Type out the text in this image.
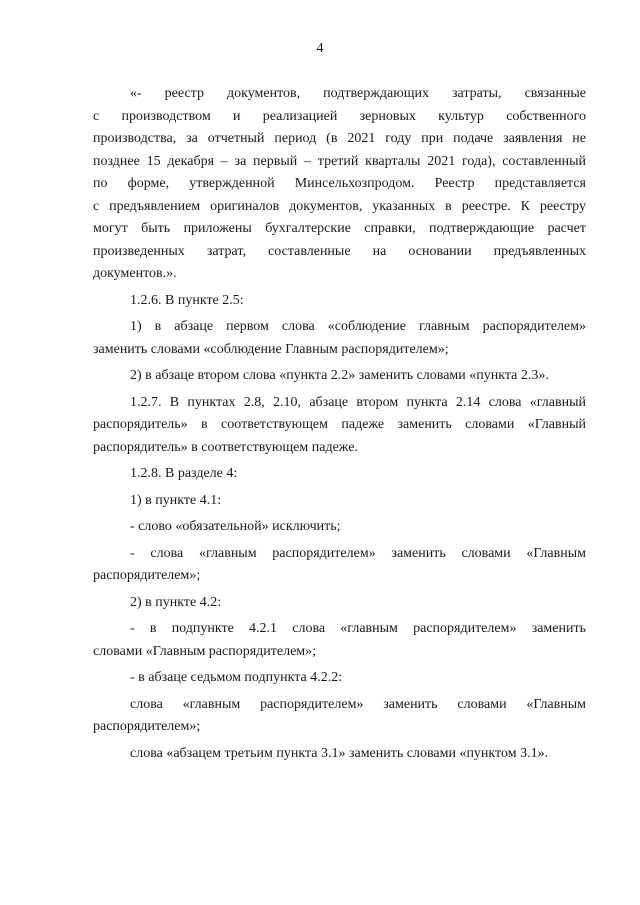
4

«- реестр документов, подтверждающих затраты, связанные

с производством и реализацией зерновых культур собственного

производства, за отчетный период (в 2021 году при подаче заявления не

позднее 15 декабря – за первый – третий кварталы 2021 года), составленный

по форме, утвержденной Минсельхозпродом. Реестр представляется

с предъявлением оригиналов документов, указанных в реестре. К реестру

могут быть приложены бухгалтерские справки, подтверждающие расчет

произведенных затрат, составленные на основании предъявленных

документов.».

1.2.6. В пункте 2.5:

1) в абзаце первом слова «соблюдение главным распорядителем»

заменить словами «соблюдение Главным распорядителем»;

2) в абзаце втором слова «пункта 2.2» заменить словами «пункта 2.3».

1.2.7. В пунктах 2.8, 2.10, абзаце втором пункта 2.14 слова «главный

распорядитель» в соответствующем падеже заменить словами «Главный

распорядитель» в соответствующем падеже.

1.2.8. В разделе 4:

1) в пункте 4.1:

- слово «обязательной» исключить;

- слова «главным распорядителем» заменить словами «Главным

распорядителем»;

2) в пункте 4.2:

- в подпункте 4.2.1 слова «главным распорядителем» заменить

словами «Главным распорядителем»;

- в абзаце седьмом подпункта 4.2.2:

слова «главным распорядителем» заменить словами «Главным

распорядителем»;

слова «абзацем третьим пункта 3.1» заменить словами «пунктом 3.1».
